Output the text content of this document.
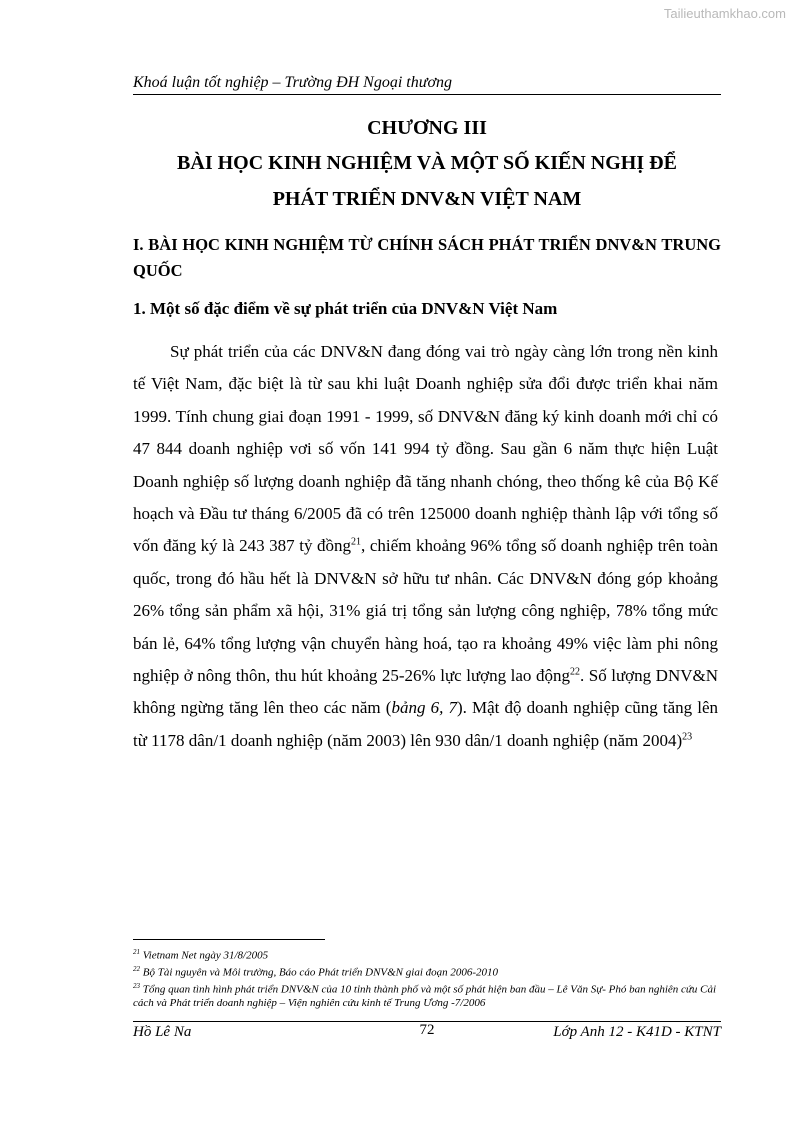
Tailieuthamkhao.com
Khoá luận tốt nghiệp – Trường ĐH Ngoại thương
CHƯƠNG III
BÀI HỌC KINH NGHIỆM VÀ MỘT SỐ KIẾN NGHỊ ĐỂ
PHÁT TRIỂN DNV&N VIỆT NAM
I. BÀI HỌC KINH NGHIỆM TỪ CHÍNH SÁCH PHÁT TRIỂN DNV&N TRUNG QUỐC
1. Một số đặc điểm về sự phát triển của DNV&N Việt Nam

Sự phát triển của các DNV&N đang đóng vai trò ngày càng lớn trong nền kinh tế Việt Nam, đặc biệt là từ sau khi luật Doanh nghiệp sửa đổi được triển khai năm 1999. Tính chung giai đoạn 1991 - 1999, số DNV&N đăng ký kinh doanh mới chỉ có 47 844 doanh nghiệp vơi số vốn 141 994 tỷ đồng. Sau gần 6 năm thực hiện Luật Doanh nghiệp số lượng doanh nghiệp đã tăng nhanh chóng, theo thống kê của Bộ Kế hoạch và Đầu tư tháng 6/2005 đã có trên 125000 doanh nghiệp thành lập với tổng số vốn đăng ký là 243 387 tỷ đồng$^{21}$, chiếm khoảng 96% tổng số doanh nghiệp trên toàn quốc, trong đó hầu hết là DNV&N sở hữu tư nhân. Các DNV&N đóng góp khoảng 26% tổng sản phẩm xã hội, 31% giá trị tổng sản lượng công nghiệp, 78% tổng mức bán lẻ, 64% tổng lượng vận chuyển hàng hoá, tạo ra khoảng 49% việc làm phi nông nghiệp ở nông thôn, thu hút khoảng 25-26% lực lượng lao động$^{22}$. Số lượng DNV&N không ngừng tăng lên theo các năm (bảng 6, 7). Mật độ doanh nghiệp cũng tăng lên từ 1178 dân/1 doanh nghiệp (năm 2003) lên 930 dân/1 doanh nghiệp (năm 2004)$^{23}$

$^{21}$ Vietnam Net ngày 31/8/2005
$^{22}$ Bộ Tài nguyên và Môi trường, Báo cáo Phát triển DNV&N giai đoạn 2006-2010
$^{23}$ Tổng quan tình hình phát triển DNV&N của 10 tỉnh thành phố và một số phát hiện ban đầu – Lê Văn Sự- Phó ban nghiên cứu Cải cách và Phát triển doanh nghiệp – Viện nghiên cứu kinh tế Trung Ương -7/2006
Hồ Lê Na	72	Lớp Anh 12 - K41D - KTNT
